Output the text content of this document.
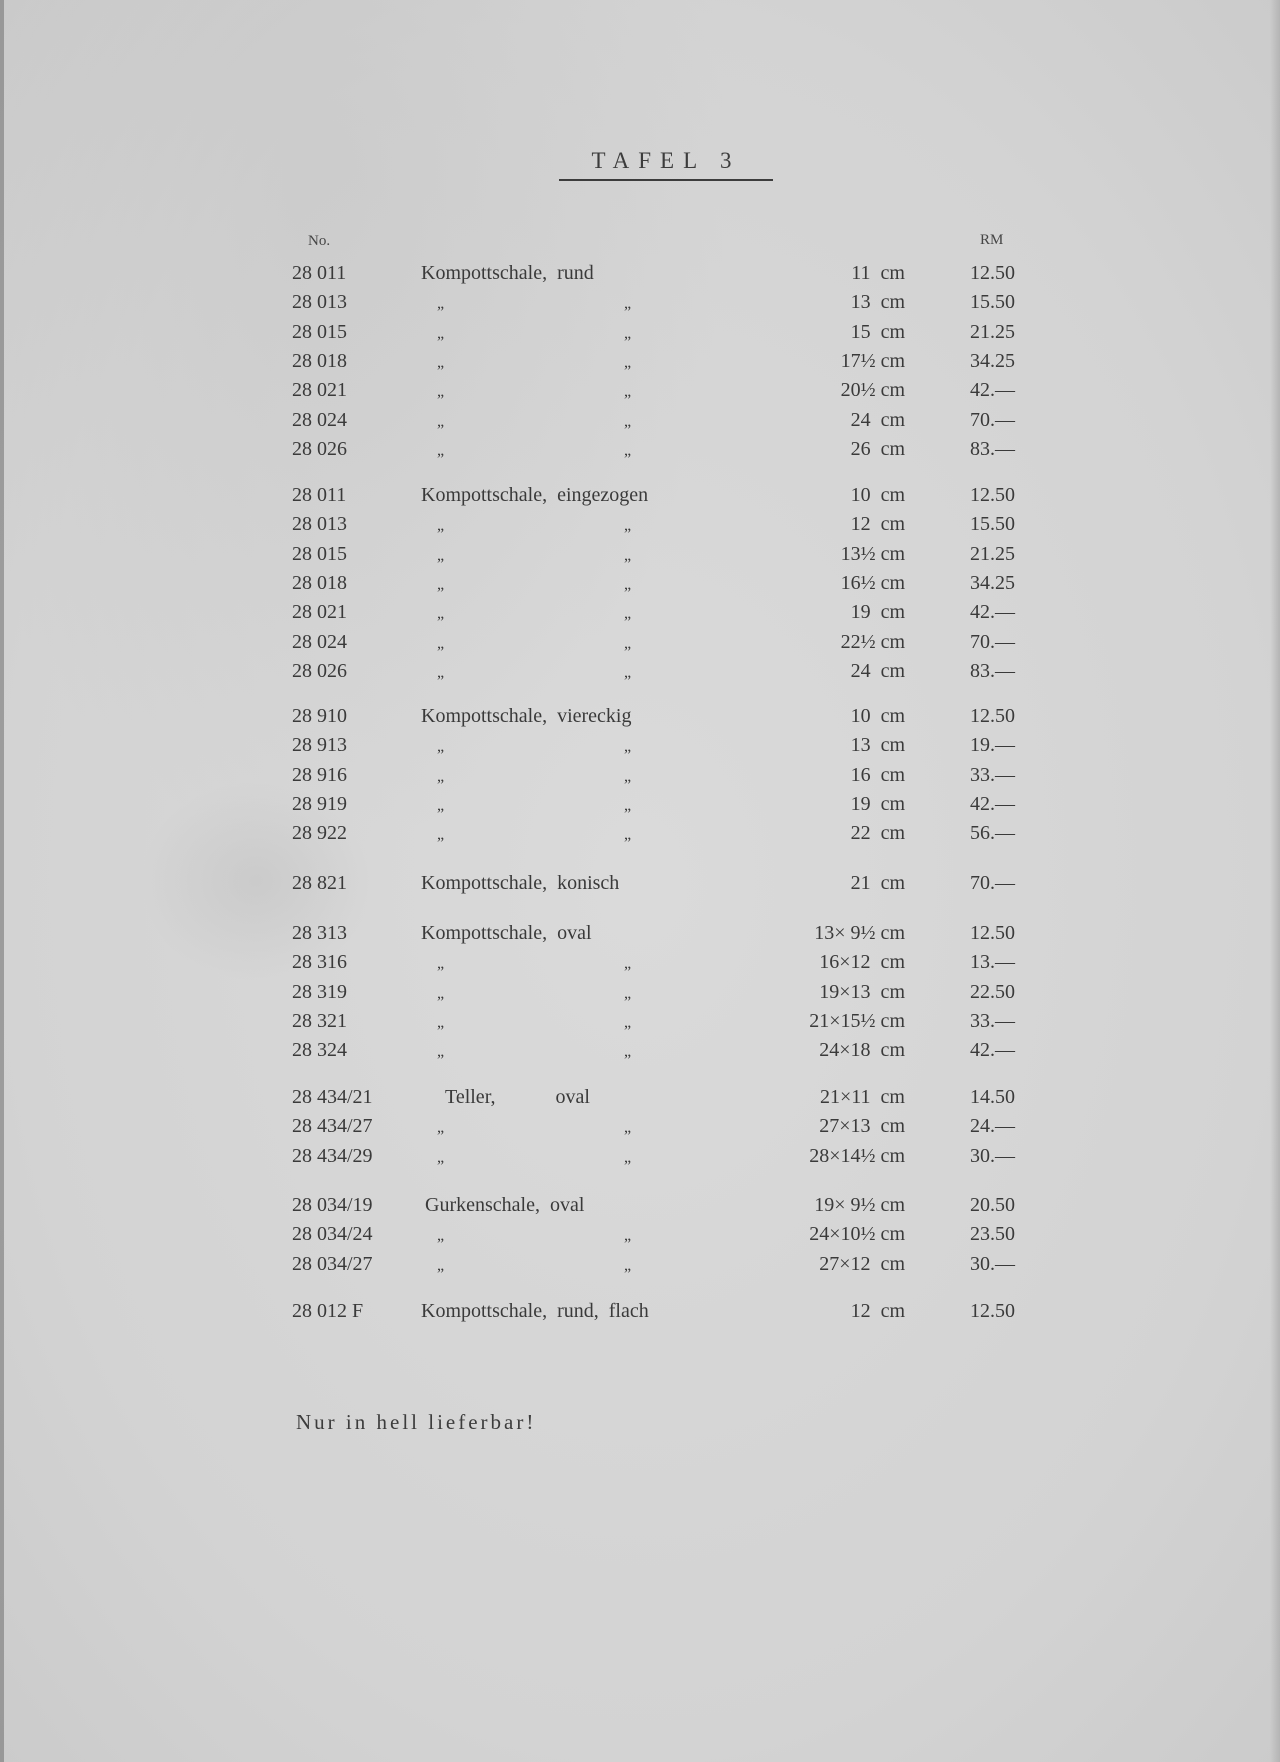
TAFEL 3
No.	RM
28 011	Kompottschale,  rund	11  cm	12.50
28 013	„	„	13  cm	15.50
28 015	„	„	15  cm	21.25
28 018	„	„	17½ cm	34.25
28 021	„	„	20½ cm	42.—
28 024	„	„	24  cm	70.—
28 026	„	„	26  cm	83.—
28 011	Kompottschale,  eingezogen	10  cm	12.50
28 013	„	„	12  cm	15.50
28 015	„	„	13½ cm	21.25
28 018	„	„	16½ cm	34.25
28 021	„	„	19  cm	42.—
28 024	„	„	22½ cm	70.—
28 026	„	„	24  cm	83.—
28 910	Kompottschale,  viereckig	10  cm	12.50
28 913	„	„	13  cm	19.—
28 916	„	„	16  cm	33.—
28 919	„	„	19  cm	42.—
28 922	„	„	22  cm	56.—
28 821	Kompottschale,  konisch	21  cm	70.—
28 313	Kompottschale,  oval	13× 9½ cm	12.50
28 316	„	„	16×12  cm	13.—
28 319	„	„	19×13  cm	22.50
28 321	„	„	21×15½ cm	33.—
28 324	„	„	24×18  cm	42.—
28 434/21	Teller,            oval	21×11  cm	14.50
28 434/27	„	„	27×13  cm	24.—
28 434/29	„	„	28×14½ cm	30.—
28 034/19	Gurkenschale,  oval	19× 9½ cm	20.50
28 034/24	„	„	24×10½ cm	23.50
28 034/27	„	„	27×12  cm	30.—
28 012 F	Kompottschale,  rund,  flach	12  cm	12.50
Nur in hell lieferbar!
